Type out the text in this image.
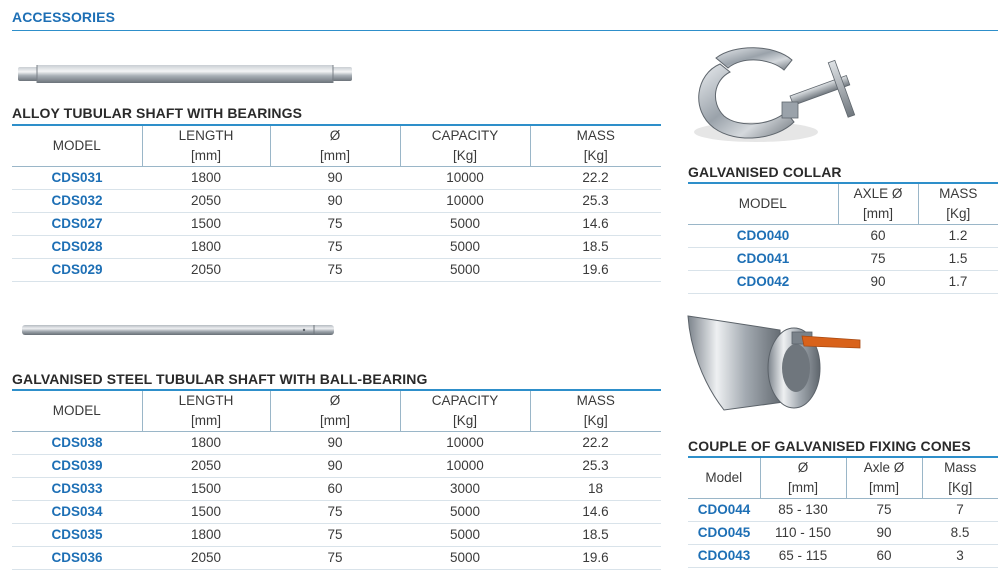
ACCESSORIES
ALLOY TUBULAR SHAFT WITH BEARINGS
MODEL	LENGTH	Ø	CAPACITY	MASS
	[mm]	[mm]	[Kg]	[Kg]
CDS031	1800	90	10000	22.2
CDS032	2050	90	10000	25.3
CDS027	1500	75	5000	14.6
CDS028	1800	75	5000	18.5
CDS029	2050	75	5000	19.6
GALVANISED STEEL TUBULAR SHAFT WITH BALL-BEARING
MODEL	LENGTH	Ø	CAPACITY	MASS
	[mm]	[mm]	[Kg]	[Kg]
CDS038	1800	90	10000	22.2
CDS039	2050	90	10000	25.3
CDS033	1500	60	3000	18
CDS034	1500	75	5000	14.6
CDS035	1800	75	5000	18.5
CDS036	2050	75	5000	19.6
GALVANISED COLLAR
MODEL	AXLE Ø	MASS
	[mm]	[Kg]
CDO040	60	1.2
CDO041	75	1.5
CDO042	90	1.7
COUPLE OF GALVANISED FIXING CONES
Model	Ø	Axle Ø	Mass
	[mm]	[mm]	[Kg]
CDO044	85 - 130	75	7
CDO045	110 - 150	90	8.5
CDO043	65 - 115	60	3
